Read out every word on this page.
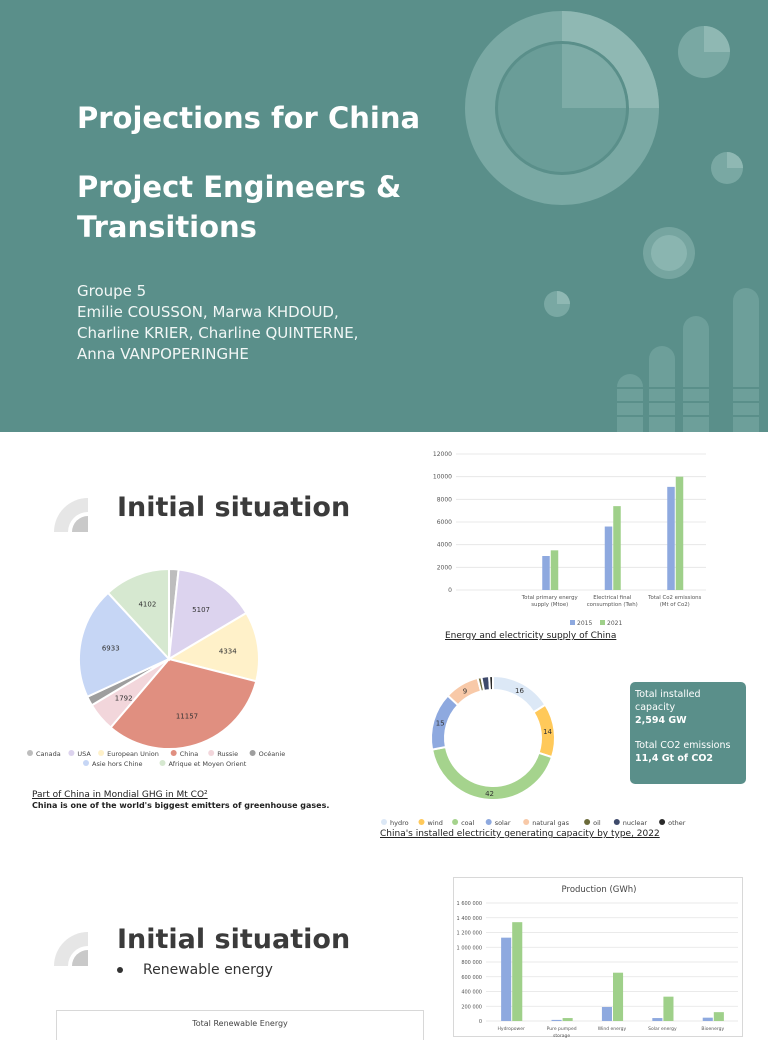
Projections for China
Project Engineers & Transitions
Groupe 5
Emilie COUSSON, Marwa KHDOUD,
Charline KRIER, Charline QUINTERNE,
Anna VANPOPERINGHE
Initial situation
5107
4334
11157
1792
6933
4102
Canada	USA European Union	China	Russie	Océanie
Asie hors Chine	Afrique et Moyen Orient
Part of China in Mondial GHG in Mt CO²
China is one of the world's biggest emitters of greenhouse gases.
0
2000
4000
6000
8000
10000
12000
Total primary energy
supply (Mtoe)
Electrical final
consumption (Twh)
Total Co2 emissions
(Mt of Co2)
2015 2021
Energy and electricity supply of China
16
14
42
15
9
hydro	wind	coal	solar	natural gas	oil	nuclear	other
China's installed electricity generating capacity by type, 2022
Total installed capacity
2,594 GW
Total CO2 emissions
11,4 Gt of CO2
Initial situation
Renewable energy
Total Renewable Energy
Production (GWh)
0
200 000
400 000
600 000
800 000
1 000 000
1 200 000
1 400 000
1 600 000
Hydropower	Pure pumped
storage
Wind energy	Solar energy	Bioenergy
